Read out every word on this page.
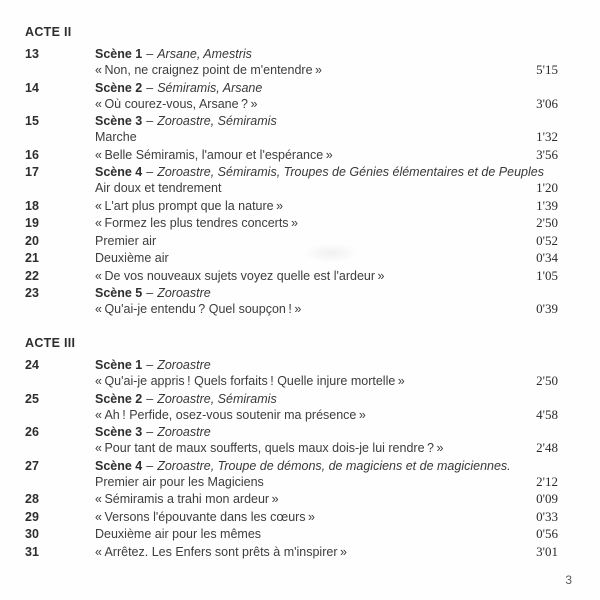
ACTE II
13	Scène 1 – Arsane, Amestris
« Non, ne craignez point de m'entendre »	5'15
14	Scène 2 – Sémiramis, Arsane
« Où courez-vous, Arsane ? »	3'06
15	Scène 3 – Zoroastre, Sémiramis
Marche	1'32
16	« Belle Sémiramis, l'amour et l'espérance »	3'56
17	Scène 4 – Zoroastre, Sémiramis, Troupes de Génies élémentaires et de Peuples
Air doux et tendrement	1'20
18	« L'art plus prompt que la nature »	1'39
19	« Formez les plus tendres concerts »	2'50
20	Premier air	0'52
21	Deuxième air	0'34
22	« De vos nouveaux sujets voyez quelle est l'ardeur »	1'05
23	Scène 5 – Zoroastre
« Qu'ai-je entendu ? Quel soupçon ! »	0'39
ACTE III
24	Scène 1 – Zoroastre
« Qu'ai-je appris ! Quels forfaits ! Quelle injure mortelle »	2'50
25	Scène 2 – Zoroastre, Sémiramis
« Ah ! Perfide, osez-vous soutenir ma présence »	4'58
26	Scène 3 – Zoroastre
« Pour tant de maux soufferts, quels maux dois-je lui rendre ? »	2'48
27	Scène 4 – Zoroastre, Troupe de démons, de magiciens et de magiciennes.
Premier air pour les Magiciens	2'12
28	« Sémiramis a trahi mon ardeur »	0'09
29	« Versons l'épouvante dans les cœurs »	0'33
30	Deuxième air pour les mêmes	0'56
31	« Arrêtez. Les Enfers sont prêts à m'inspirer »	3'01
3
